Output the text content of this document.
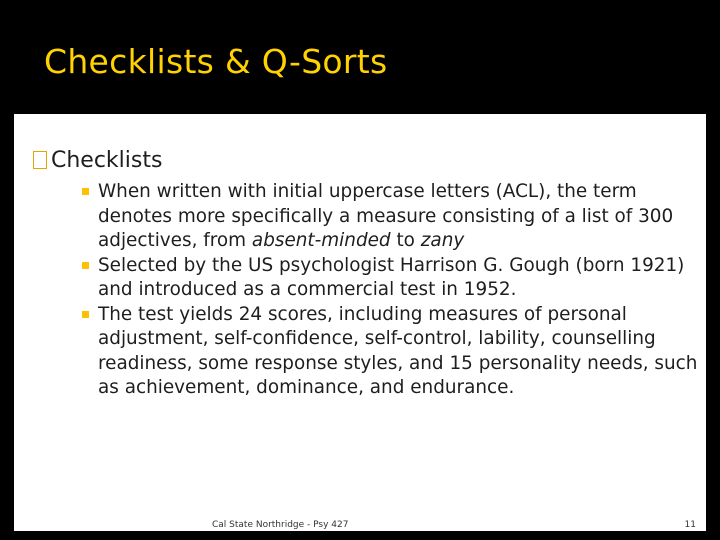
Checklists & Q-Sorts
Checklists
When written with initial uppercase letters (ACL), the term denotes more specifically a measure consisting of a list of 300 adjectives, from absent-minded to zany
Selected by the US psychologist Harrison G. Gough (born 1921) and introduced as a commercial test in 1952.
The test yields 24 scores, including measures of personal adjustment, self-confidence, self-control, lability, counselling readiness, some response styles, and 15 personality needs, such as achievement, dominance, and endurance.
Cal State Northridge - Psy 427	11
